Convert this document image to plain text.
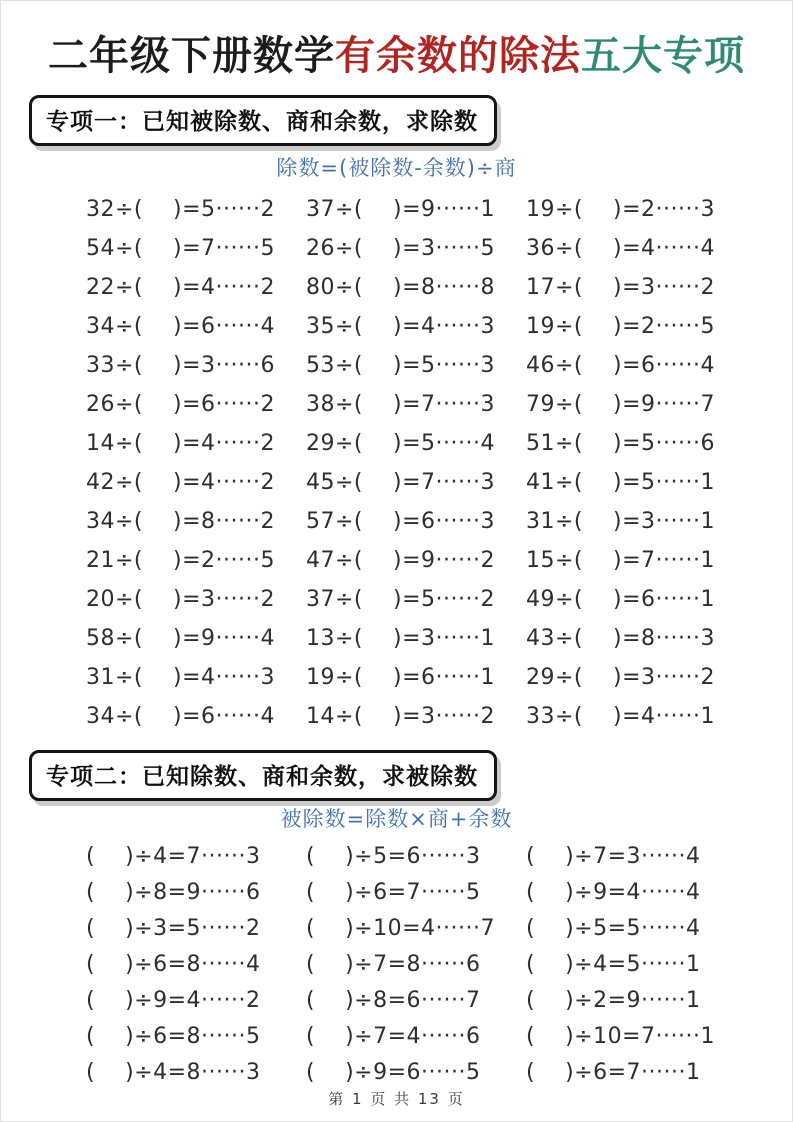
二年级下册数学有余数的除法五大专项
专项一：已知被除数、商和余数，求除数
除数=(被除数-余数)÷商
32÷(　 )=5······2	37÷(　 )=9······1	19÷(　 )=2······3
54÷(　 )=7······5	26÷(　 )=3······5	36÷(　 )=4······4
22÷(　 )=4······2	80÷(　 )=8······8	17÷(　 )=3······2
34÷(　 )=6······4	35÷(　 )=4······3	19÷(　 )=2······5
33÷(　 )=3······6	53÷(　 )=5······3	46÷(　 )=6······4
26÷(　 )=6······2	38÷(　 )=7······3	79÷(　 )=9······7
14÷(　 )=4······2	29÷(　 )=5······4	51÷(　 )=5······6
42÷(　 )=4······2	45÷(　 )=7······3	41÷(　 )=5······1
34÷(　 )=8······2	57÷(　 )=6······3	31÷(　 )=3······1
21÷(　 )=2······5	47÷(　 )=9······2	15÷(　 )=7······1
20÷(　 )=3······2	37÷(　 )=5······2	49÷(　 )=6······1
58÷(　 )=9······4	13÷(　 )=3······1	43÷(　 )=8······3
31÷(　 )=4······3	19÷(　 )=6······1	29÷(　 )=3······2
34÷(　 )=6······4	14÷(　 )=3······2	33÷(　 )=4······1
专项二：已知除数、商和余数，求被除数
被除数=除数×商+余数
(　 )÷4=7······3	(　 )÷5=6······3	(　 )÷7=3······4
(　 )÷8=9······6	(　 )÷6=7······5	(　 )÷9=4······4
(　 )÷3=5······2	(　 )÷10=4······7	(　 )÷5=5······4
(　 )÷6=8······4	(　 )÷7=8······6	(　 )÷4=5······1
(　 )÷9=4······2	(　 )÷8=6······7	(　 )÷2=9······1
(　 )÷6=8······5	(　 )÷7=4······6	(　 )÷10=7······1
(　 )÷4=8······3	(　 )÷9=6······5	(　 )÷6=7······1
第 1 页 共 13 页
